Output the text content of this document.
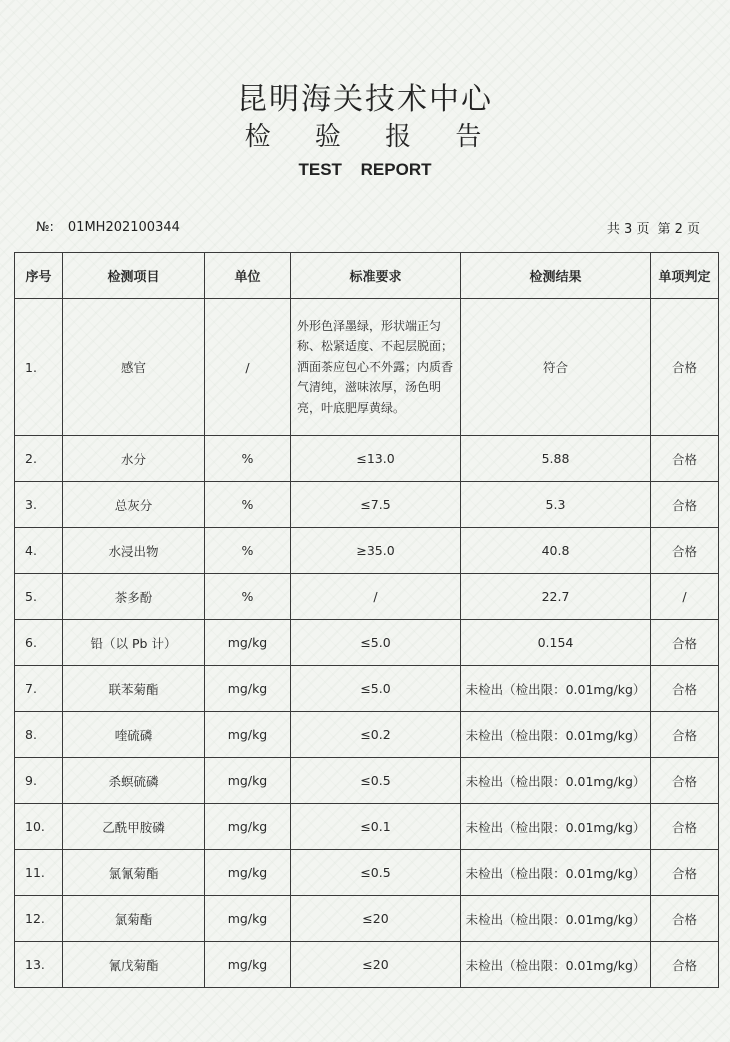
昆明海关技术中心
检 验 报 告
TEST REPORT
№: 01MH202100344	共 3 页 第 2 页
序号	检测项目	单位	标准要求	检测结果	单项判定
1.	感官	/	外形色泽墨绿，形状端正匀称、松紧适度、不起层脱面；洒面茶应包心不外露；内质香气清纯，滋味浓厚，汤色明亮，叶底肥厚黄绿。	符合	合格
2.	水分	%	≤13.0	5.88	合格
3.	总灰分	%	≤7.5	5.3	合格
4.	水浸出物	%	≥35.0	40.8	合格
5.	茶多酚	%	/	22.7	/
6.	铅（以 Pb 计）	mg/kg	≤5.0	0.154	合格
7.	联苯菊酯	mg/kg	≤5.0	未检出（检出限：0.01mg/kg）	合格
8.	喹硫磷	mg/kg	≤0.2	未检出（检出限：0.01mg/kg）	合格
9.	杀螟硫磷	mg/kg	≤0.5	未检出（检出限：0.01mg/kg）	合格
10.	乙酰甲胺磷	mg/kg	≤0.1	未检出（检出限：0.01mg/kg）	合格
11.	氯氰菊酯	mg/kg	≤0.5	未检出（检出限：0.01mg/kg）	合格
12.	氯菊酯	mg/kg	≤20	未检出（检出限：0.01mg/kg）	合格
13.	氰戊菊酯	mg/kg	≤20	未检出（检出限：0.01mg/kg）	合格
